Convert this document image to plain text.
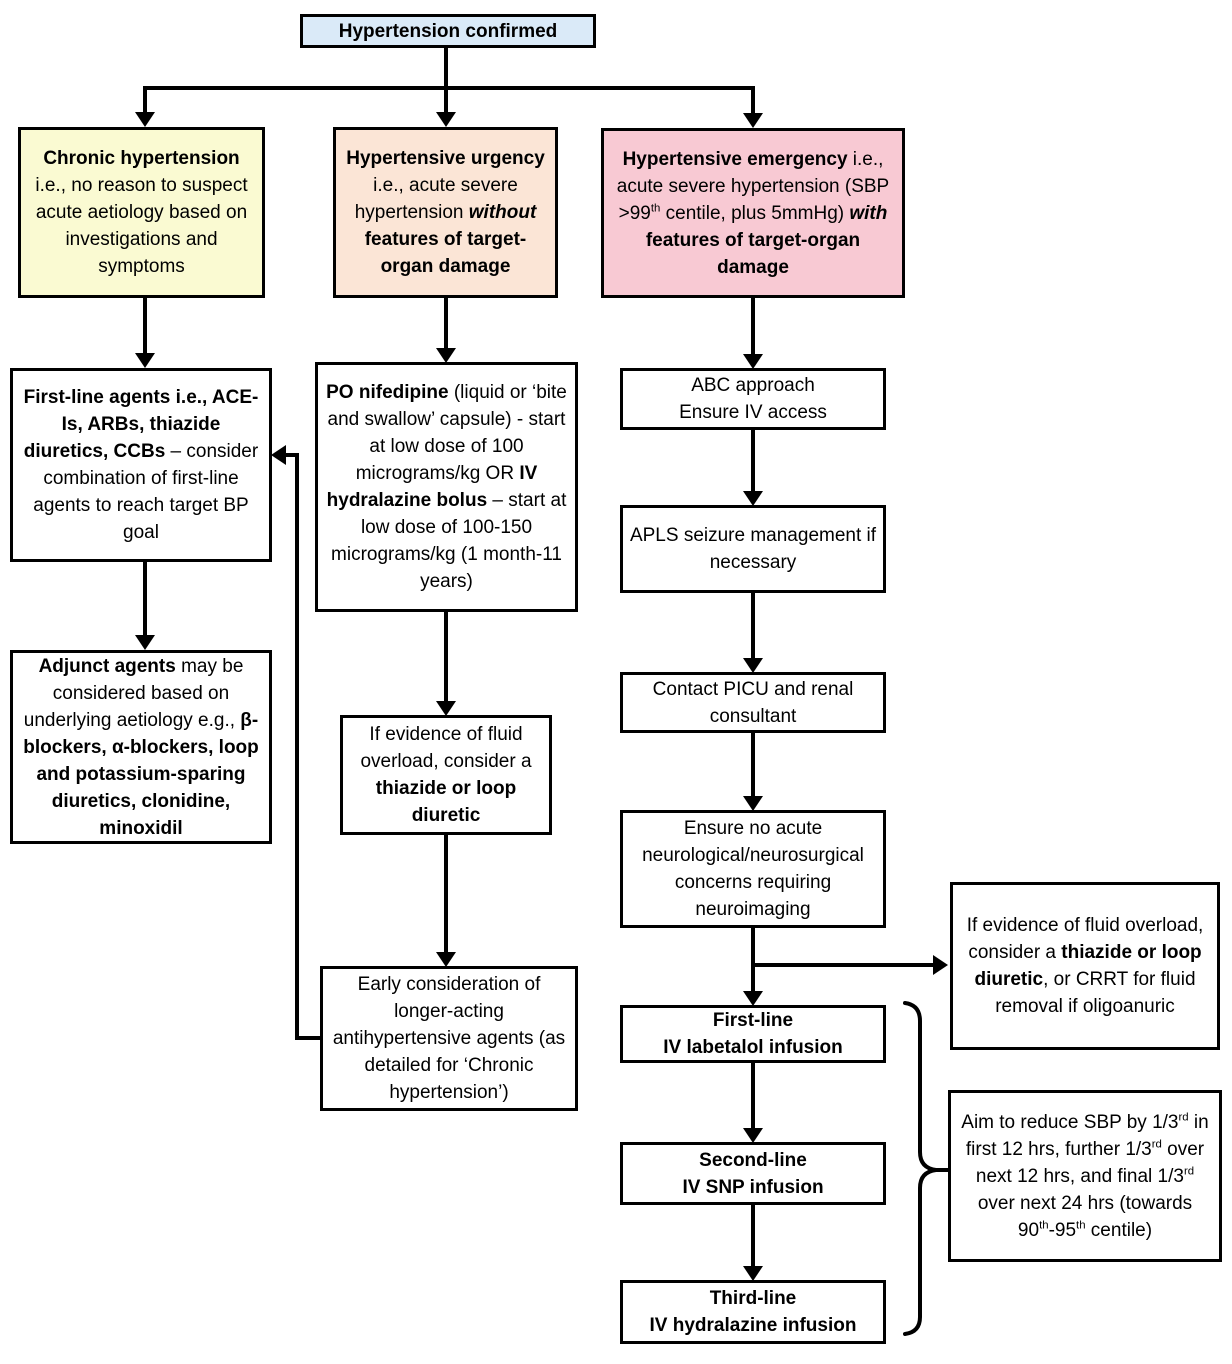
Hypertension confirmed
Chronic hypertension i.e., no reason to suspect acute aetiology based on investigations and symptoms
Hypertensive urgency i.e., acute severe hypertension without features of target-organ damage
Hypertensive emergency i.e., acute severe hypertension (SBP >99th centile, plus 5mmHg) with features of target-organ damage
First-line agents i.e., ACE-Is, ARBs, thiazide diuretics, CCBs – consider combination of first-line agents to reach target BP goal
Adjunct agents may be considered based on underlying aetiology e.g., β-blockers, α-blockers, loop and potassium-sparing diuretics, clonidine, minoxidil
PO nifedipine (liquid or ‘bite and swallow’ capsule) - start at low dose of 100 micrograms/kg OR IV hydralazine bolus – start at low dose of 100-150 micrograms/kg (1 month-11 years)
If evidence of fluid overload, consider a thiazide or loop diuretic
Early consideration of longer-acting antihypertensive agents (as detailed for ‘Chronic hypertension’)
ABC approach
Ensure IV access
APLS seizure management if necessary
Contact PICU and renal consultant
Ensure no acute neurological/neurosurgical concerns requiring neuroimaging
First-line
IV labetalol infusion
Second-line
IV SNP infusion
Third-line
IV hydralazine infusion
If evidence of fluid overload, consider a thiazide or loop diuretic, or CRRT for fluid removal if oligoanuric
Aim to reduce SBP by 1/3rd in first 12 hrs, further 1/3rd over next 12 hrs, and final 1/3rd over next 24 hrs (towards 90th-95th centile)
